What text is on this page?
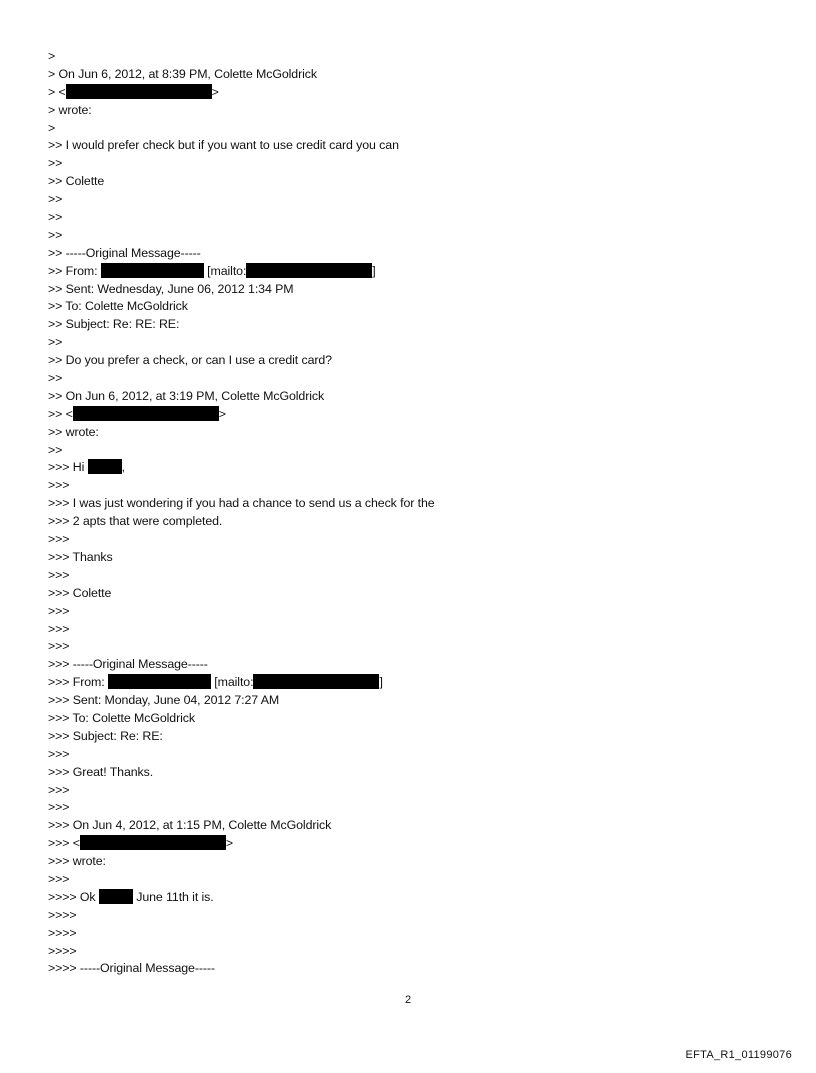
>
> On Jun 6, 2012, at 8:39 PM, Colette McGoldrick
> <	>
> wrote:
>
>> I would prefer check but if you want to use credit card you can
>>
>> Colette
>>
>>
>>
>> -----Original Message-----
>> From:	[mailto:	]
>> Sent: Wednesday, June 06, 2012 1:34 PM
>> To: Colette McGoldrick
>> Subject: Re: RE: RE:
>>
>> Do you prefer a check, or can I use a credit card?
>>
>> On Jun 6, 2012, at 3:19 PM, Colette McGoldrick
>> <	>
>> wrote:
>>
>>> Hi	,
>>>
>>> I was just wondering if you had a chance to send us a check for the
>>> 2 apts that were completed.
>>>
>>> Thanks
>>>
>>> Colette
>>>
>>>
>>>
>>> -----Original Message-----
>>> From:	[mailto:	]
>>> Sent: Monday, June 04, 2012 7:27 AM
>>> To: Colette McGoldrick
>>> Subject: Re: RE:
>>>
>>> Great! Thanks.
>>>
>>>
>>> On Jun 4, 2012, at 1:15 PM, Colette McGoldrick
>>> <	>
>>> wrote:
>>>
>>>> Ok	June 11th it is.
>>>>
>>>>
>>>>
>>>> -----Original Message-----
2
EFTA_R1_01199076
